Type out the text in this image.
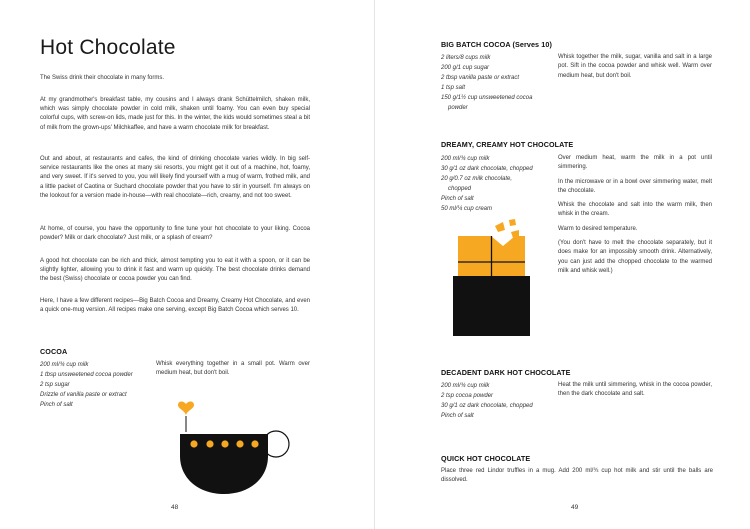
Hot Chocolate

The Swiss drink their chocolate in many forms.

At my grandmother's breakfast table, my cousins and I always drank Schüttelmilch, shaken milk, which was simply chocolate powder in cold milk, shaken until foamy. You can even buy special colorful cups, with screw-on lids, made just for this. In the winter, the kids would sometimes steal a bit of milk from the grown-ups' Milchkaffee, and have a warm chocolate milk for breakfast.

Out and about, at restaurants and cafes, the kind of drinking chocolate varies wildly. In big self-service restaurants like the ones at many ski resorts, you might get it out of a machine, hot, foamy, and very sweet. If it's served to you, you will likely find yourself with a mug of warm, frothed milk, and a little packet of Caotina or Suchard chocolate powder that you have to stir in yourself. I'm always on the lookout for a version made in-house—with real chocolate—rich, creamy, and not too sweet.

At home, of course, you have the opportunity to fine tune your hot chocolate to your liking. Cocoa powder? Milk or dark chocolate? Just milk, or a splash of cream?

A good hot chocolate can be rich and thick, almost tempting you to eat it with a spoon, or it can be slightly lighter, allowing you to drink it fast and warm up quickly. The best chocolate drinks demand the best (Swiss) chocolate or cocoa powder you can find.

Here, I have a few different recipes—Big Batch Cocoa and Dreamy, Creamy Hot Chocolate, and even a quick one-mug version. All recipes make one serving, except Big Batch Cocoa which serves 10.

COCOA
200 ml/¾ cup milk
1 tbsp unsweetened cocoa powder
2 tsp sugar
Drizzle of vanilla paste or extract
Pinch of salt
Whisk everything together in a small pot. Warm over medium heat, but don't boil.
48
BIG BATCH COCOA (Serves 10)
2 liters/8 cups milk
200 g/1 cup sugar
2 tbsp vanilla paste or extract
1 tsp salt
150 g/1½ cup unsweetened cocoa
powder
Whisk together the milk, sugar, vanilla and salt in a large pot. Sift in the cocoa powder and whisk well. Warm over medium heat, but don't boil.
DREAMY, CREAMY HOT CHOCOLATE
200 ml/¾ cup milk
30 g/1 oz dark chocolate, chopped
20 g/0.7 oz milk chocolate,
chopped
Pinch of salt
50 ml/¼ cup cream

Over medium heat, warm the milk in a pot until simmering.

In the microwave or in a bowl over simmering water, melt the chocolate.

Whisk the chocolate and salt into the warm milk, then whisk in the cream.

Warm to desired temperature.

(You don't have to melt the chocolate separately, but it does make for an impossibly smooth drink. Alternatively, you can just add the chopped chocolate to the warmed milk and whisk well.)

DECADENT DARK HOT CHOCOLATE
200 ml/¾ cup milk
2 tsp cocoa powder
30 g/1 oz dark chocolate, chopped
Pinch of salt
Heat the milk until simmering, whisk in the cocoa powder, then the dark chocolate and salt.
QUICK HOT CHOCOLATE
Place three red Lindor truffles in a mug. Add 200 ml/¾ cup hot milk and stir until the balls are dissolved.
49
